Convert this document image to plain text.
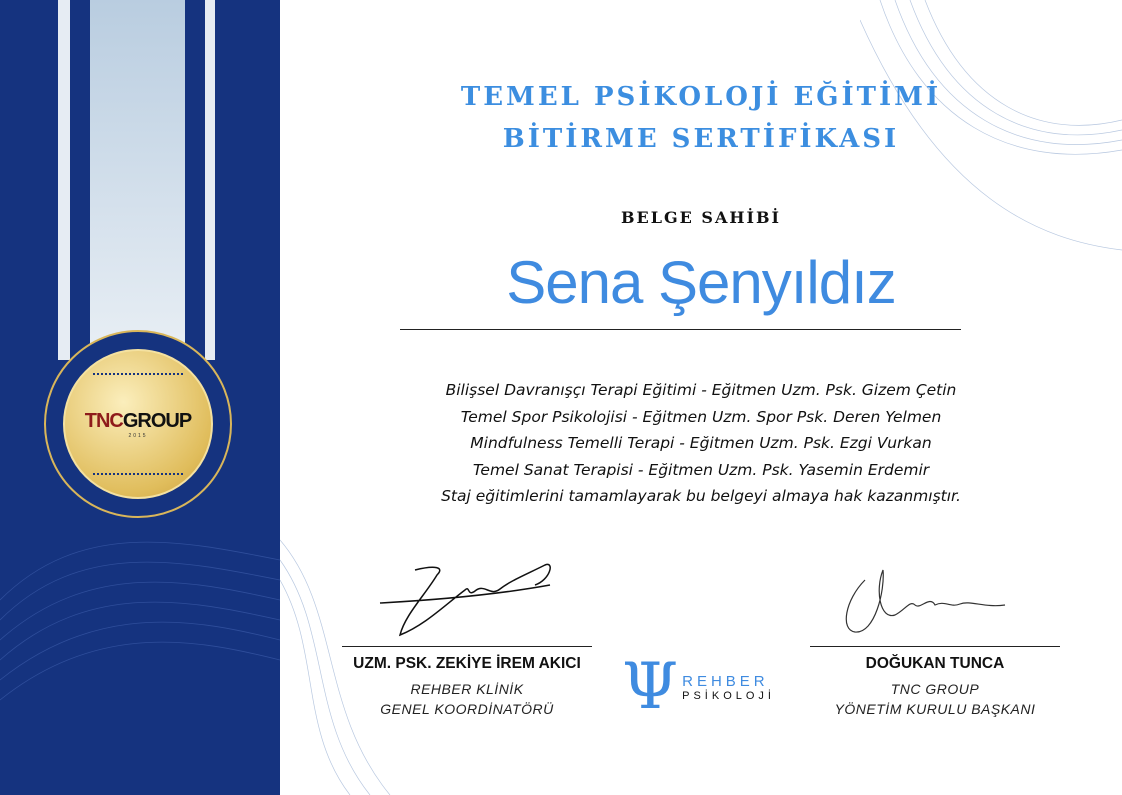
TNCGROUP
2015
TEMEL PSİKOLOJİ EĞİTİMİ
BİTİRME SERTİFİKASI
BELGE SAHİBİ
Sena Şenyıldız
Bilişsel Davranışçı Terapi Eğitimi - Eğitmen Uzm. Psk. Gizem Çetin
Temel Spor Psikolojisi - Eğitmen Uzm. Spor Psk. Deren Yelmen
Mindfulness Temelli Terapi - Eğitmen Uzm. Psk. Ezgi Vurkan
Temel Sanat Terapisi - Eğitmen Uzm. Psk. Yasemin Erdemir
Staj eğitimlerini tamamlayarak bu belgeyi almaya hak kazanmıştır.
UZM. PSK. ZEKİYE İREM AKICI
REHBER KLİNİK
GENEL KOORDİNATÖRÜ
DOĞUKAN TUNCA
TNC GROUP
YÖNETİM KURULU BAŞKANI
Ψ REHBER
PSİKOLOJİ
